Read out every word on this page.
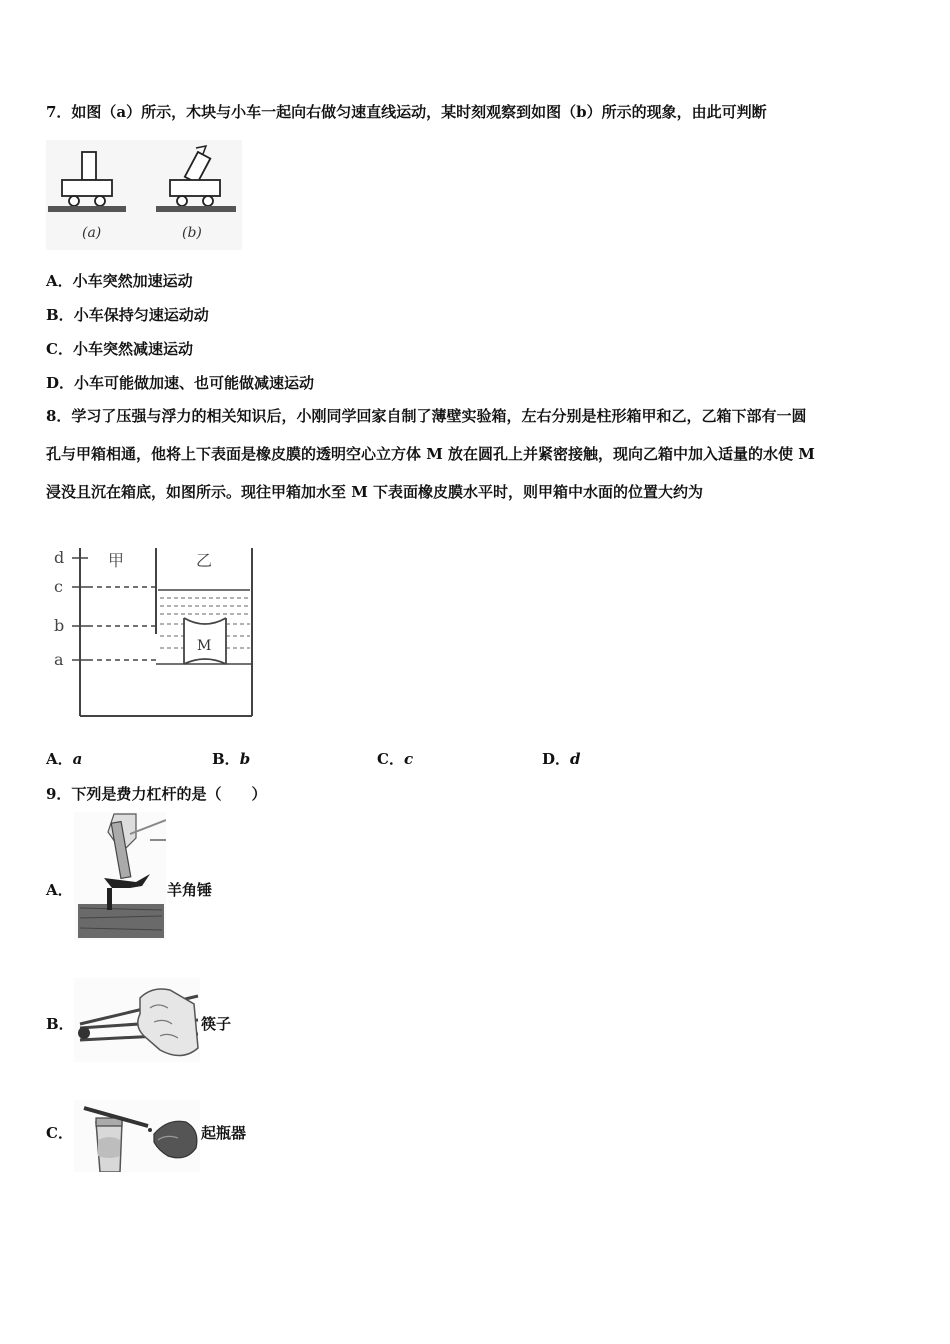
7．如图（a）所示，木块与小车一起向右做匀速直线运动，某时刻观察到如图（b）所示的现象，由此可判断
(a)	(b)
A．小车突然加速运动
B．小车保持匀速运动动
C．小车突然减速运动
D．小车可能做加速、也可能做减速运动
8．学习了压强与浮力的相关知识后，小刚同学回家自制了薄壁实验箱，左右分别是柱形箱甲和乙，乙箱下部有一圆
孔与甲箱相通，他将上下表面是橡皮膜的透明空心立方体 M 放在圆孔上并紧密接触，现向乙箱中加入适量的水使 M
浸没且沉在箱底，如图所示。现往甲箱加水至 M 下表面橡皮膜水平时，则甲箱中水面的位置大约为
M
d
c
b
a
甲	乙
A．a	B．b	C．c	D．d
9．下列是费力杠杆的是（　　）
A．	羊角锤
B．	筷子
C．	起瓶器
